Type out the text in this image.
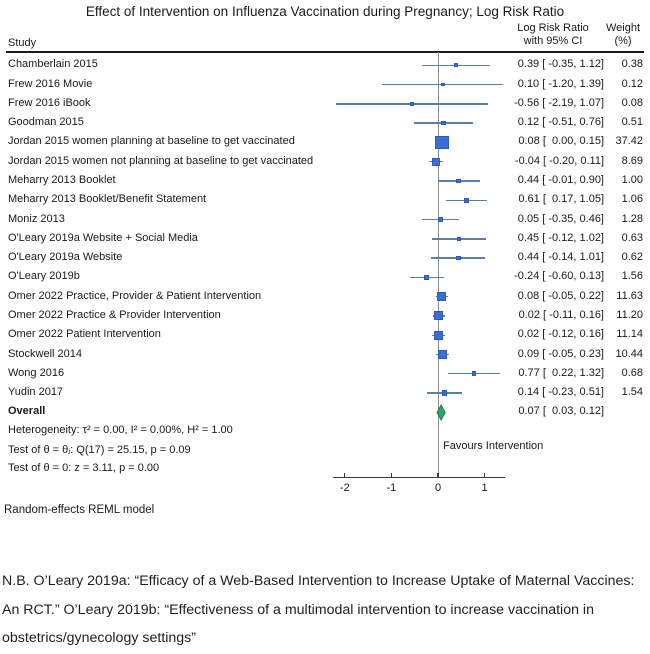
Effect of Intervention on Influenza Vaccination during Pregnancy; Log Risk Ratio
Study
Log Risk Ratio
with 95% CI
Weight
(%)
Chamberlain 2015	0.39 [ -0.35, 1.12] 0.38
Frew 2016 Movie	0.10 [ -1.20, 1.39] 0.12
Frew 2016 iBook	-0.56 [ -2.19, 1.07] 0.08
Goodman 2015	0.12 [ -0.51, 0.76] 0.51
Jordan 2015 women planning at baseline to get vaccinated	0.08 [  0.00, 0.15] 37.42
Jordan 2015 women not planning at baseline to get vaccinated	-0.04 [ -0.20, 0.11] 8.69
Meharry 2013 Booklet	0.44 [ -0.01, 0.90] 1.00
Meharry 2013 Booklet/Benefit Statement	0.61 [  0.17, 1.05] 1.06
Moniz 2013	0.05 [ -0.35, 0.46] 1.28
O'Leary 2019a Website + Social Media	0.45 [ -0.12, 1.02] 0.63
O'Leary 2019a Website	0.44 [ -0.14, 1.01] 0.62
O'Leary 2019b	-0.24 [ -0.60, 0.13] 1.56
Omer 2022 Practice, Provider & Patient Intervention	0.08 [ -0.05, 0.22] 11.63
Omer 2022 Practice & Provider Intervention	0.02 [ -0.11, 0.16] 11.20
Omer 2022 Patient Intervention	0.02 [ -0.12, 0.16] 11.14
Stockwell 2014	0.09 [ -0.05, 0.23] 10.44
Wong 2016	0.77 [  0.22, 1.32] 0.68
Yudin 2017	0.14 [ -0.23, 0.51] 1.54
Overall	0.07 [  0.03, 0.12]
-2	-1	0	1
Heterogeneity: τ² = 0.00, I² = 0.00%, H² = 1.00
Test of θ = θⱼ: Q(17) = 25.15, p = 0.09
Test of θ = 0: z = 3.11, p = 0.00
Favours Intervention
Random-effects REML model
N.B. O’Leary 2019a: “Efficacy of a Web-Based Intervention to Increase Uptake of Maternal Vaccines: An RCT.” O’Leary 2019b: “Effectiveness of a multimodal intervention to increase vaccination in obstetrics/gynecology settings”
